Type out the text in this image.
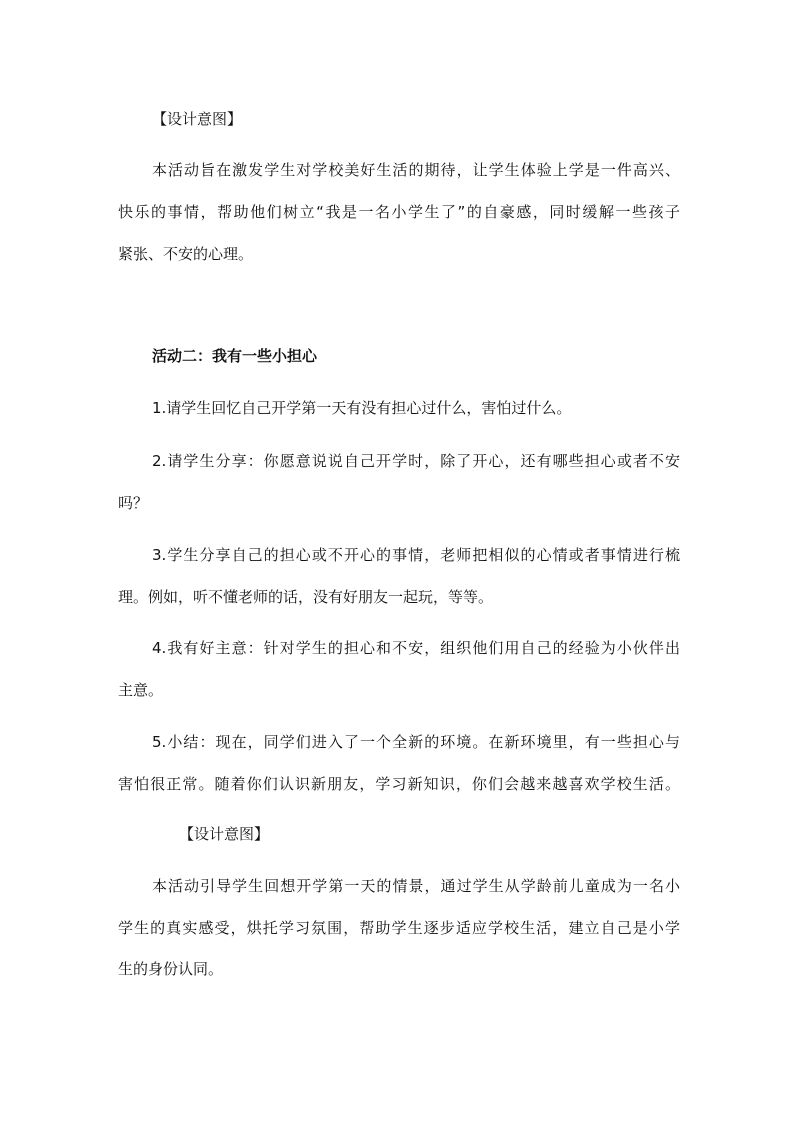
【设计意图】
本活动旨在激发学生对学校美好生活的期待，让学生体验上学是一件高兴、
快乐的事情，帮助他们树立“我是一名小学生了”的自豪感，同时缓解一些孩子
紧张、不安的心理。
活动二：我有一些小担心
1.请学生回忆自己开学第一天有没有担心过什么，害怕过什么。
2.请学生分享：你愿意说说自己开学时，除了开心，还有哪些担心或者不安
吗？
3.学生分享自己的担心或不开心的事情，老师把相似的心情或者事情进行梳
理。例如，听不懂老师的话，没有好朋友一起玩，等等。
4.我有好主意：针对学生的担心和不安，组织他们用自己的经验为小伙伴出
主意。
5.小结：现在，同学们进入了一个全新的环境。在新环境里，有一些担心与
害怕很正常。随着你们认识新朋友，学习新知识，你们会越来越喜欢学校生活。
【设计意图】
本活动引导学生回想开学第一天的情景，通过学生从学龄前儿童成为一名小
学生的真实感受，烘托学习氛围，帮助学生逐步适应学校生活，建立自己是小学
生的身份认同。
